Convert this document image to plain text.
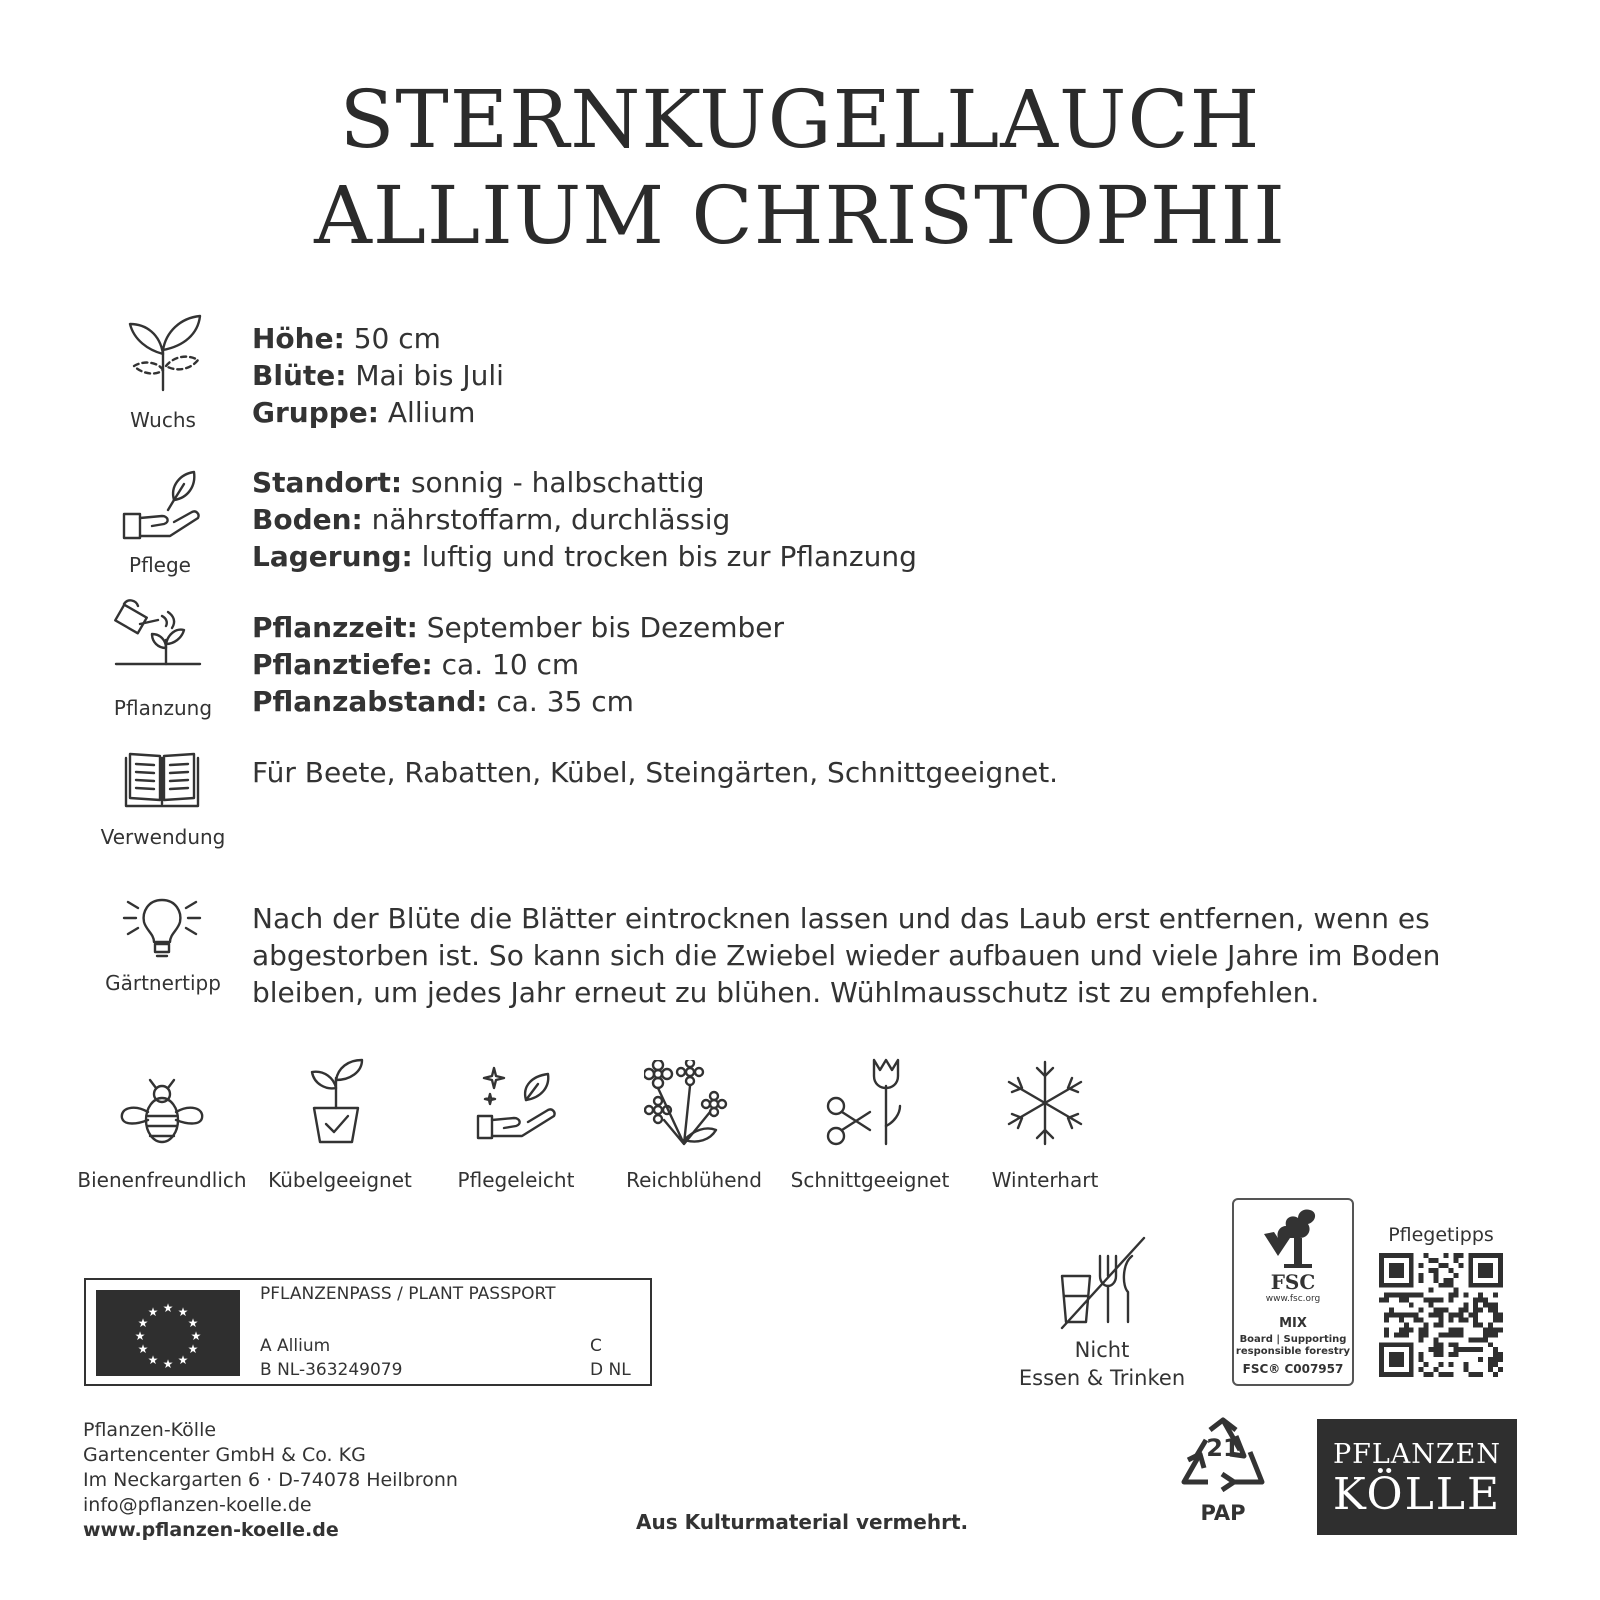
STERNKUGELLAUCH
ALLIUM CHRISTOPHII
Wuchs
Höhe: 50 cm
Blüte: Mai bis Juli
Gruppe: Allium
Pflege
Standort: sonnig - halbschattig
Boden: nährstoffarm, durchlässig
Lagerung: luftig und trocken bis zur Pflanzung
Pflanzung
Pflanzzeit: September bis Dezember
Pflanztiefe: ca. 10 cm
Pflanzabstand: ca. 35 cm
Verwendung
Für Beete, Rabatten, Kübel, Steingärten, Schnittgeeignet.
Gärtnertipp
Nach der Blüte die Blätter eintrocknen lassen und das Laub erst entfernen, wenn es
abgestorben ist. So kann sich die Zwiebel wieder aufbauen und viele Jahre im Boden
bleiben, um jedes Jahr erneut zu blühen. Wühlmausschutz ist zu empfehlen.
Bienenfreundlich	Kübelgeeignet	Pflegeleicht	Reichblühend	Schnittgeeignet	Winterhart
★ ★
★
★
★
★
★
★
★
★
★
★
PFLANZENPASS / PLANT PASSPORT
A Allium
B NL-363249079
C
D NL
Pflanzen-Kölle
Gartencenter GmbH & Co. KG
Im Neckargarten 6 · D-74078 Heilbronn
info@pflanzen-koelle.de
www.pflanzen-koelle.de	Aus Kulturmaterial vermehrt.
Nicht
Essen & Trinken
FSC
www.fsc.org
MIX
Board | Supporting
responsible forestry
FSC® C007957
Pflegetipps
21
PAP
PFLANZEN
KÖLLE
